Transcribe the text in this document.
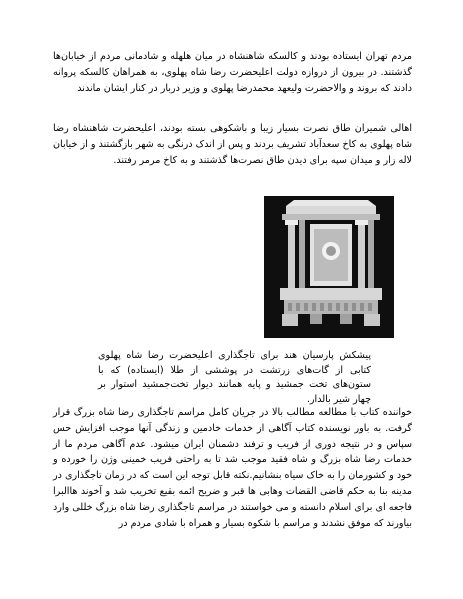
مردم تهران ایستاده بودند و کالسکه شاهنشاه در میان هلهله و شادمانی مردم از خیابان‌ها گذشتند. در بیرون از دروازه دولت اعلیحضرت رضا شاه پهلوی، به همراهان کالسکه پروانه دادند که بروند و والاحضرت ولیعهد محمدرضا پهلوی و وزیر دربار در کنار ایشان ماندند

اهالی شمیران طاق نصرت بسیار زیبا و باشکوهی بسته بودند، اعلیحضرت شاهنشاه رضا شاه پهلوی به کاخ سعدآباد تشریف بردند و پس از اندک درنگی به شهر بازگشتند و از خیابان لاله زار و میدان سپه برای دیدن طاق نصرت‌ها گذشتند و به کاخ مرمر رفتند.

پیشکش پارسیان هند برای تاجگذاری اعلیحضرت رضا شاه پهلوی کتابی از گات‌های زرتشت در پوششی از طلا (ایستاده) که با ستون‌های تخت جمشید و پایه همانند دیوار تخت‌جمشید استوار بر چهار شیر بالدار.

خواننده کتاب با مطالعه مطالب بالا در جریان کامل مراسم تاجگذاری رضا شاه بزرگ قرار گرفت. به باور نویسنده کتاب آگاهی از خدمات خادمین و زندگی آنها موجب افزایش حس سپاس و در نتیجه دوری از فریب و ترفند دشمنان ایران میشود. عدم آگاهی مردم ما از خدمات رضا شاه بزرگ و شاه فقید موجب شد تا به راحتی فریب خمینی وژن را خورده و خود و کشورمان را به خاک سیاه بنشانیم.نکته قابل توجه این است که در زمان تاجگذاری در مدینه بنا به حکم قاضی القضات وهابی ها قبر و ضریح ائمه بقیع تخریب شد و آخوند هاالبرا فاجعه ای برای اسلام دانسته و می خواستند در مراسم تاجگذاری رضا شاه بزرگ خللی وارد بیاورند که موفق نشدند و مراسم با شکوه بسیار و همراه با شادی مردم در
